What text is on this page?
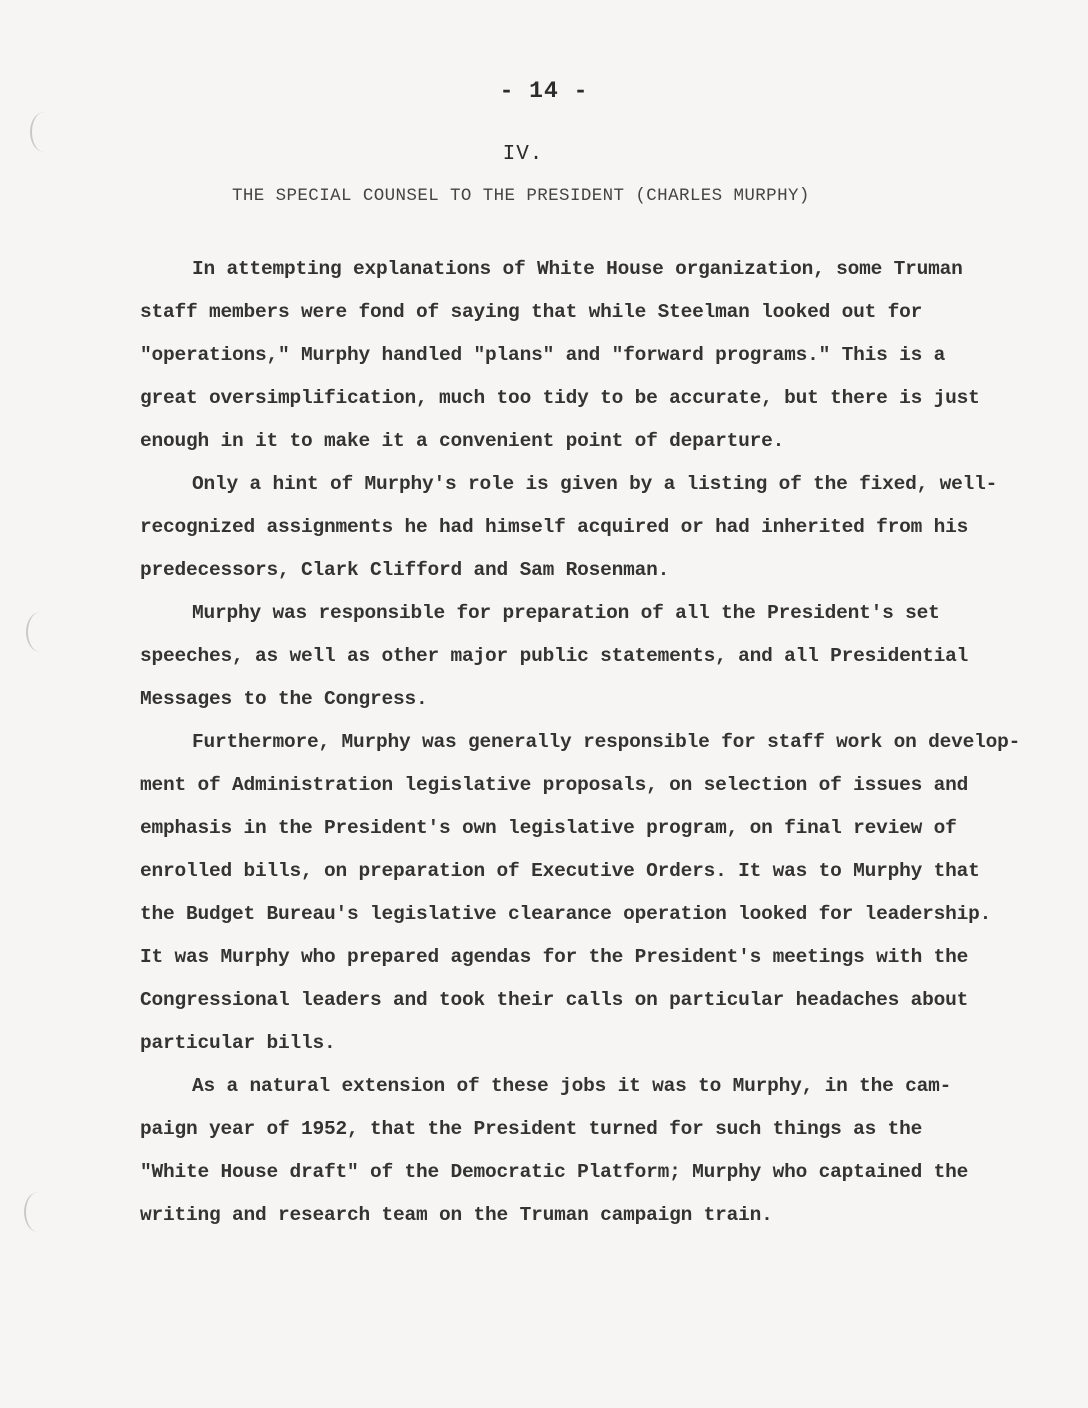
- 14 -
IV.
THE SPECIAL COUNSEL TO THE PRESIDENT (CHARLES MURPHY)
In attempting explanations of White House organization, some Truman
staff members were fond of saying that while Steelman looked out for
"operations," Murphy handled "plans" and "forward programs." This is a
great oversimplification, much too tidy to be accurate, but there is just
enough in it to make it a convenient point of departure.
Only a hint of Murphy's role is given by a listing of the fixed, well-
recognized assignments he had himself acquired or had inherited from his
predecessors, Clark Clifford and Sam Rosenman.
Murphy was responsible for preparation of all the President's set
speeches, as well as other major public statements, and all Presidential
Messages to the Congress.
Furthermore, Murphy was generally responsible for staff work on develop-
ment of Administration legislative proposals, on selection of issues and
emphasis in the President's own legislative program, on final review of
enrolled bills, on preparation of Executive Orders. It was to Murphy that
the Budget Bureau's legislative clearance operation looked for leadership.
It was Murphy who prepared agendas for the President's meetings with the
Congressional leaders and took their calls on particular headaches about
particular bills.
As a natural extension of these jobs it was to Murphy, in the cam-
paign year of 1952, that the President turned for such things as the
"White House draft" of the Democratic Platform; Murphy who captained the
writing and research team on the Truman campaign train.
